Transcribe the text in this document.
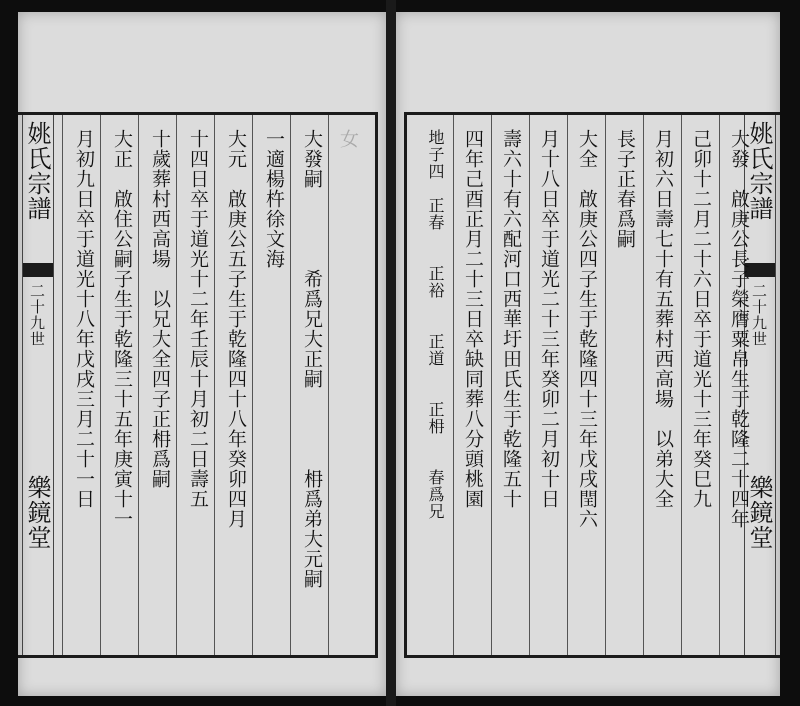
姚氏宗譜
二十九世
樂鏡堂
女
大發嗣　　　　希爲兄大正嗣　　　　枏爲弟大元嗣
一適楊杵徐文海
大元　啟庚公五子生于乾隆四十八年癸卯四月
十四日卒于道光十二年壬辰十月初二日壽五
十歲葬村西高場　以兄大全四子正枏爲嗣
大正　啟住公嗣子生于乾隆三十五年庚寅十一
月初九日卒于道光十八年戊戌三月二十一日	姚氏宗譜
二十九世
樂鏡堂
大發　啟庚公長子榮膺粟帛生于乾隆二十四年
己卯十二月二十六日卒于道光十三年癸巳九
月初六日壽七十有五葬村西高場　以弟大全
長子正春爲嗣
大全　啟庚公四子生于乾隆四十三年戊戌閏六
月十八日卒于道光二十三年癸卯二月初十日
壽六十有六配河口西華圩田氏生于乾隆五十
四年己酉正月二十三日卒缺同葬八分頭桃園
地子四　正春　　正裕　　正道　　正枏　　春爲兄
